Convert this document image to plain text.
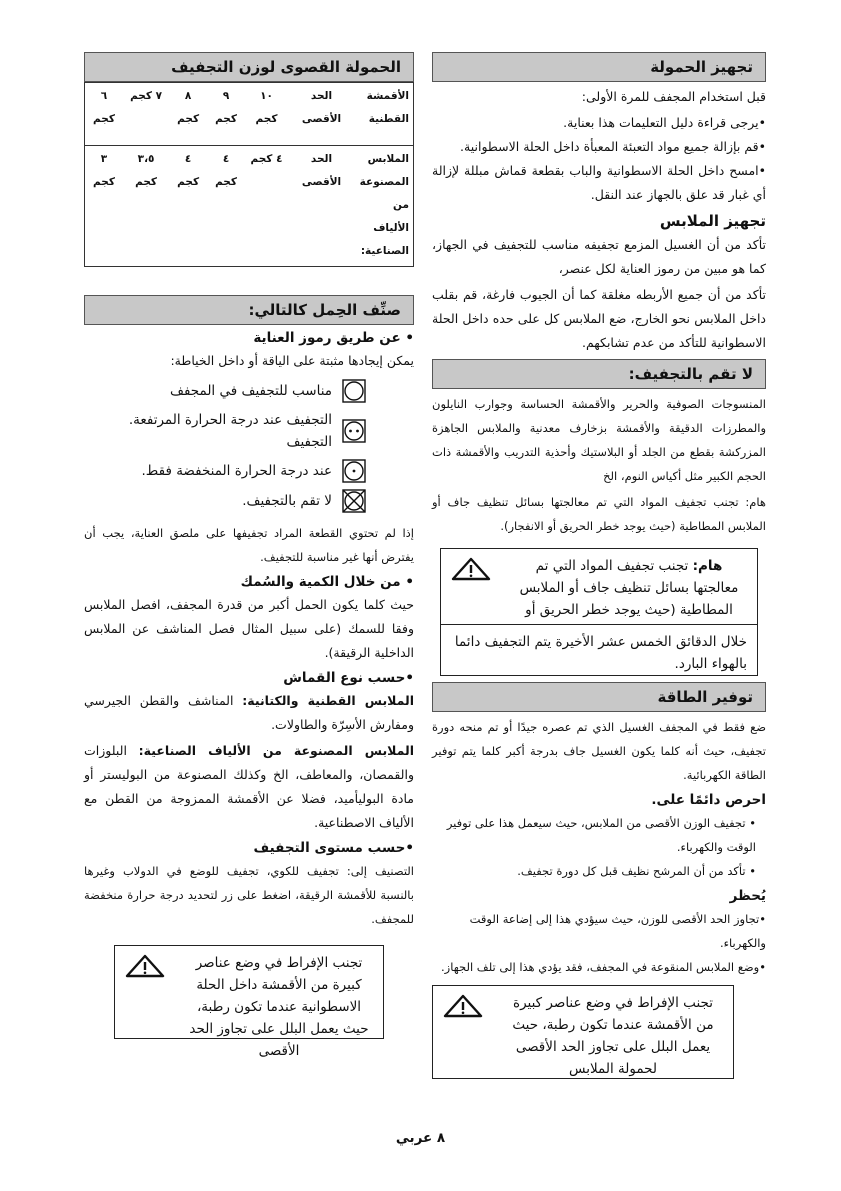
تجهيز الحمولة

قبل استخدام المجفف للمرة الأولى:

•يرجى قراءة دليل التعليمات هذا بعناية.
•قم بإزالة جميع مواد التعبئة المعبأة داخل الحلة الاسطوانية.
•امسح داخل الحلة الاسطوانية والباب بقطعة قماش مبللة لإزالة أي غبار قد علق بالجهاز عند النقل.
تجهيز الملابس

تأكد من أن الغسيل المزمع تجفيفه مناسب للتجفيف في الجهاز، كما هو مبين من رموز العناية لكل عنصر،

تأكد من أن جميع الأربطه مغلقة كما أن الجيوب فارغة، قم بقلب داخل الملابس نحو الخارج، ضع الملابس كل على حده داخل الحلة الاسطوانية للتأكد من عدم تشابكهم.

لا تقم بالتجفيف:

المنسوجات الصوفية والحرير والأقمشة الحساسة وجوارب النايلون والمطرزات الدقيقة والأقمشة بزخارف معدنية والملابس الجاهزة المزركشة بقطع من الجلد أو البلاستيك وأحذية التدريب والأقمشة ذات الحجم الكبير مثل أكياس النوم، الخ

هام: تجنب تجفيف المواد التي تم معالجتها بسائل تنظيف جاف أو الملابس المطاطية (حيث يوجد خطر الحريق أو الانفجار).

هام: تجنب تجفيف المواد التي تم معالجتها بسائل تنظيف جاف أو الملابس المطاطية (حيث يوجد خطر الحريق أو
خلال الدقائق الخمس عشر الأخيرة يتم التجفيف دائما بالهواء البارد.
توفير الطاقة

ضع فقط في المجفف الغسيل الذي تم عصره جيدًا أو تم منحه دورة تجفيف، حيث أنه كلما يكون الغسيل جاف بدرجة أكبر كلما يتم توفير الطاقة الكهربائية.

احرص دائمًا على.
• تجفيف الوزن الأقصى من الملابس، حيث سيعمل هذا على توفير الوقت والكهرباء.
• تأكد من أن المرشح نظيف قبل كل دورة تجفيف.
يُحظر
•تجاوز الحد الأقصى للوزن، حيث سيؤدي هذا إلى إضاعة الوقت والكهرباء.
•وضع الملابس المنقوعة في المجفف، فقد يؤدي هذا إلى تلف الجهاز.
تجنب الإفراط في وضع عناصر كبيرة من الأقمشة عندما تكون رطبة، حيث يعمل البلل على تجاوز الحد الأقصى لحمولة الملابس
الحمولة القصوى لوزن التجفيف
الأقمشة القطنية	الحد الأقصى	١٠ كجم	٩ كجم	٨ كجم	٧ كجم	٦ كجم
الملابس المصنوعة من الألياف الصناعية:	الحد الأقصى	٤ كجم	٤ كجم	٤ كجم	٣،٥ كجم	٣ كجم
صنِّف الحِمل كالتالي:
• عن طريق رموز العناية

يمكن إيجادها مثبتة على الياقة أو داخل الخياطة:

مناسب للتجفيف في المجفف
التجفيف عند درجة الحرارة المرتفعة. التجفيف
عند درجة الحرارة المنخفضة فقط.
لا تقم بالتجفيف.

إذا لم تحتوي القطعة المراد تجفيفها على ملصق العناية، يجب أن يفترض أنها غير مناسبة للتجفيف.

• من خلال الكمية والسُمك

حيث كلما يكون الحمل أكبر من قدرة المجفف، افصل الملابس وفقا للسمك (على سبيل المثال فصل المناشف عن الملابس الداخلية الرقيقة).

•حسب نوع القماش

الملابس القطنية والكتانية: المناشف والقطن الجيرسي ومفارش الأسِرّة والطاولات.

الملابس المصنوعة من الألياف الصناعية: البلوزات والقمصان، والمعاطف، الخ وكذلك المصنوعة من البوليستر أو مادة البوليأميد، فضلا عن الأقمشة الممزوجة من القطن مع الألياف الاصطناعية.

•حسب مستوى التجفيف

التصنيف إلى: تجفيف للكوي، تجفيف للوضع في الدولاب وغيرها بالنسبة للأقمشة الرقيقة، اضغط على زر لتحديد درجة حرارة منخفضة للمجفف.

تجنب الإفراط في وضع عناصر كبيرة من الأقمشة داخل الحلة الاسطوانية عندما تكون رطبة، حيث يعمل البلل على تجاوز الحد الأقصى
٨ عربي
